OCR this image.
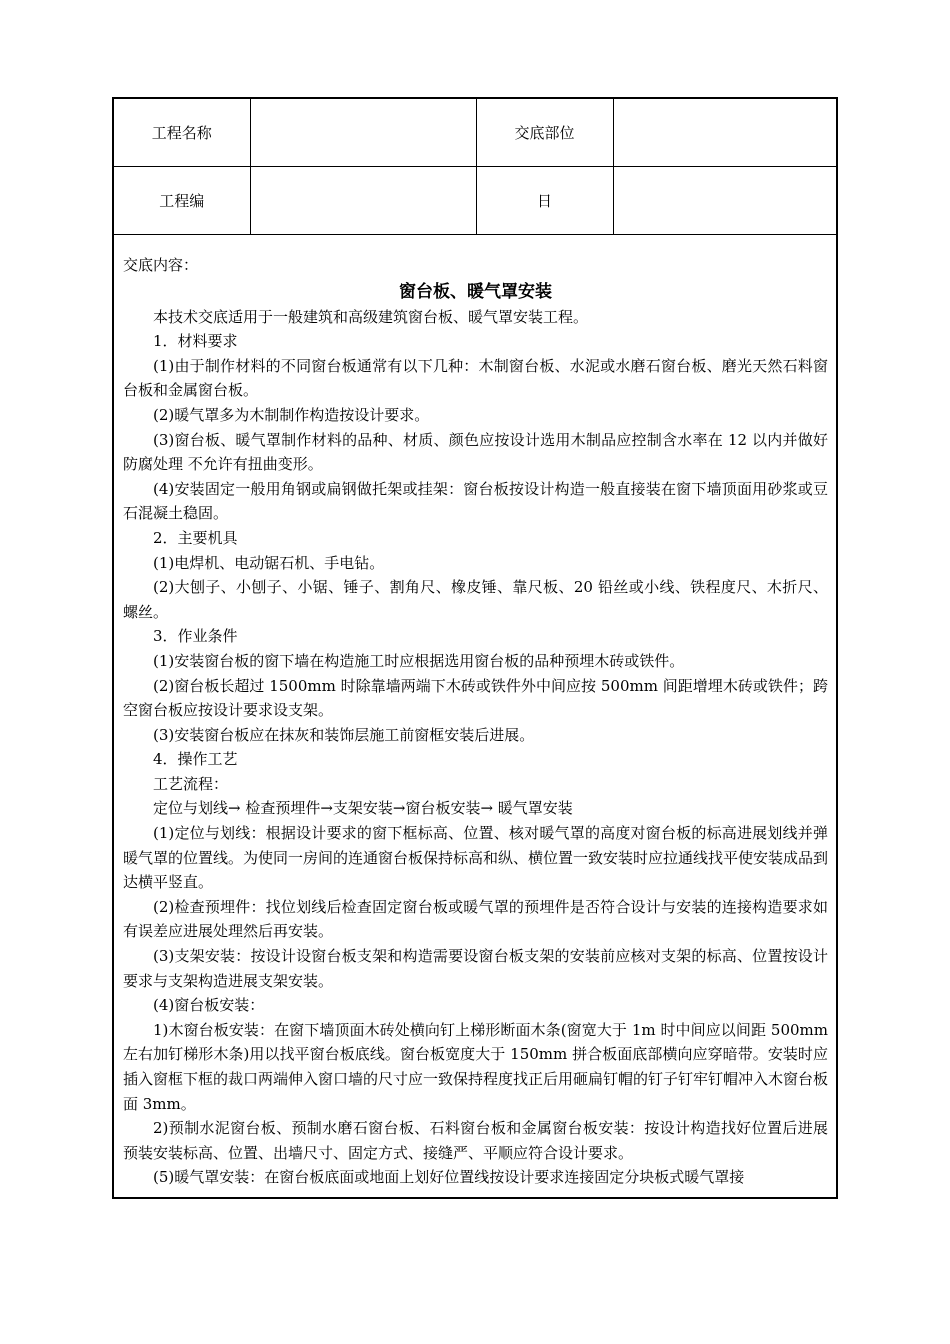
工程名称		交底部位	
工程编		日	

交底内容：

窗台板、暖气罩安装

本技术交底适用于一般建筑和高级建筑窗台板、暖气罩安装工程。

1．材料要求

(1)由于制作材料的不同窗台板通常有以下几种：木制窗台板、水泥或水磨石窗台板、磨光天然石料窗台板和金属窗台板。

(2)暖气罩多为木制制作构造按设计要求。

(3)窗台板、暖气罩制作材料的品种、材质、颜色应按设计选用木制品应控制含水率在 12 以内并做好防腐处理 不允许有扭曲变形。

(4)安装固定一般用角钢或扁钢做托架或挂架：窗台板按设计构造一般直接装在窗下墙顶面用砂浆或豆石混凝土稳固。

2．主要机具

(1)电焊机、电动锯石机、手电钻。

(2)大刨子、小刨子、小锯、锤子、割角尺、橡皮锤、靠尺板、20 铅丝或小线、铁程度尺、木折尺、螺丝。

3．作业条件

(1)安装窗台板的窗下墙在构造施工时应根据选用窗台板的品种预埋木砖或铁件。

(2)窗台板长超过 1500mm 时除靠墙两端下木砖或铁件外中间应按 500mm 间距增埋木砖或铁件；跨空窗台板应按设计要求设支架。

(3)安装窗台板应在抹灰和装饰层施工前窗框安装后进展。

4．操作工艺

工艺流程：

定位与划线→ 检查预埋件→支架安装→窗台板安装→ 暖气罩安装

(1)定位与划线：根据设计要求的窗下框标高、位置、核对暖气罩的高度对窗台板的标高进展划线并弹暖气罩的位置线。为使同一房间的连通窗台板保持标高和纵、横位置一致安装时应拉通线找平使安装成品到达横平竖直。

(2)检查预埋件：找位划线后检查固定窗台板或暖气罩的预埋件是否符合设计与安装的连接构造要求如有误差应进展处理然后再安装。

(3)支架安装：按设计设窗台板支架和构造需要设窗台板支架的安装前应核对支架的标高、位置按设计要求与支架构造进展支架安装。

(4)窗台板安装：

1)木窗台板安装：在窗下墙顶面木砖处横向钉上梯形断面木条(窗宽大于 1m 时中间应以间距 500mm 左右加钉梯形木条)用以找平窗台板底线。窗台板宽度大于 150mm 拼合板面底部横向应穿暗带。安装时应插入窗框下框的裁口两端伸入窗口墙的尺寸应一致保持程度找正后用砸扁钉帽的钉子钉牢钉帽冲入木窗台板面 3mm。

2)预制水泥窗台板、预制水磨石窗台板、石料窗台板和金属窗台板安装：按设计构造找好位置后进展预装安装标高、位置、出墙尺寸、固定方式、接缝严、平顺应符合设计要求。

(5)暖气罩安装：在窗台板底面或地面上划好位置线按设计要求连接固定分块板式暖气罩接
